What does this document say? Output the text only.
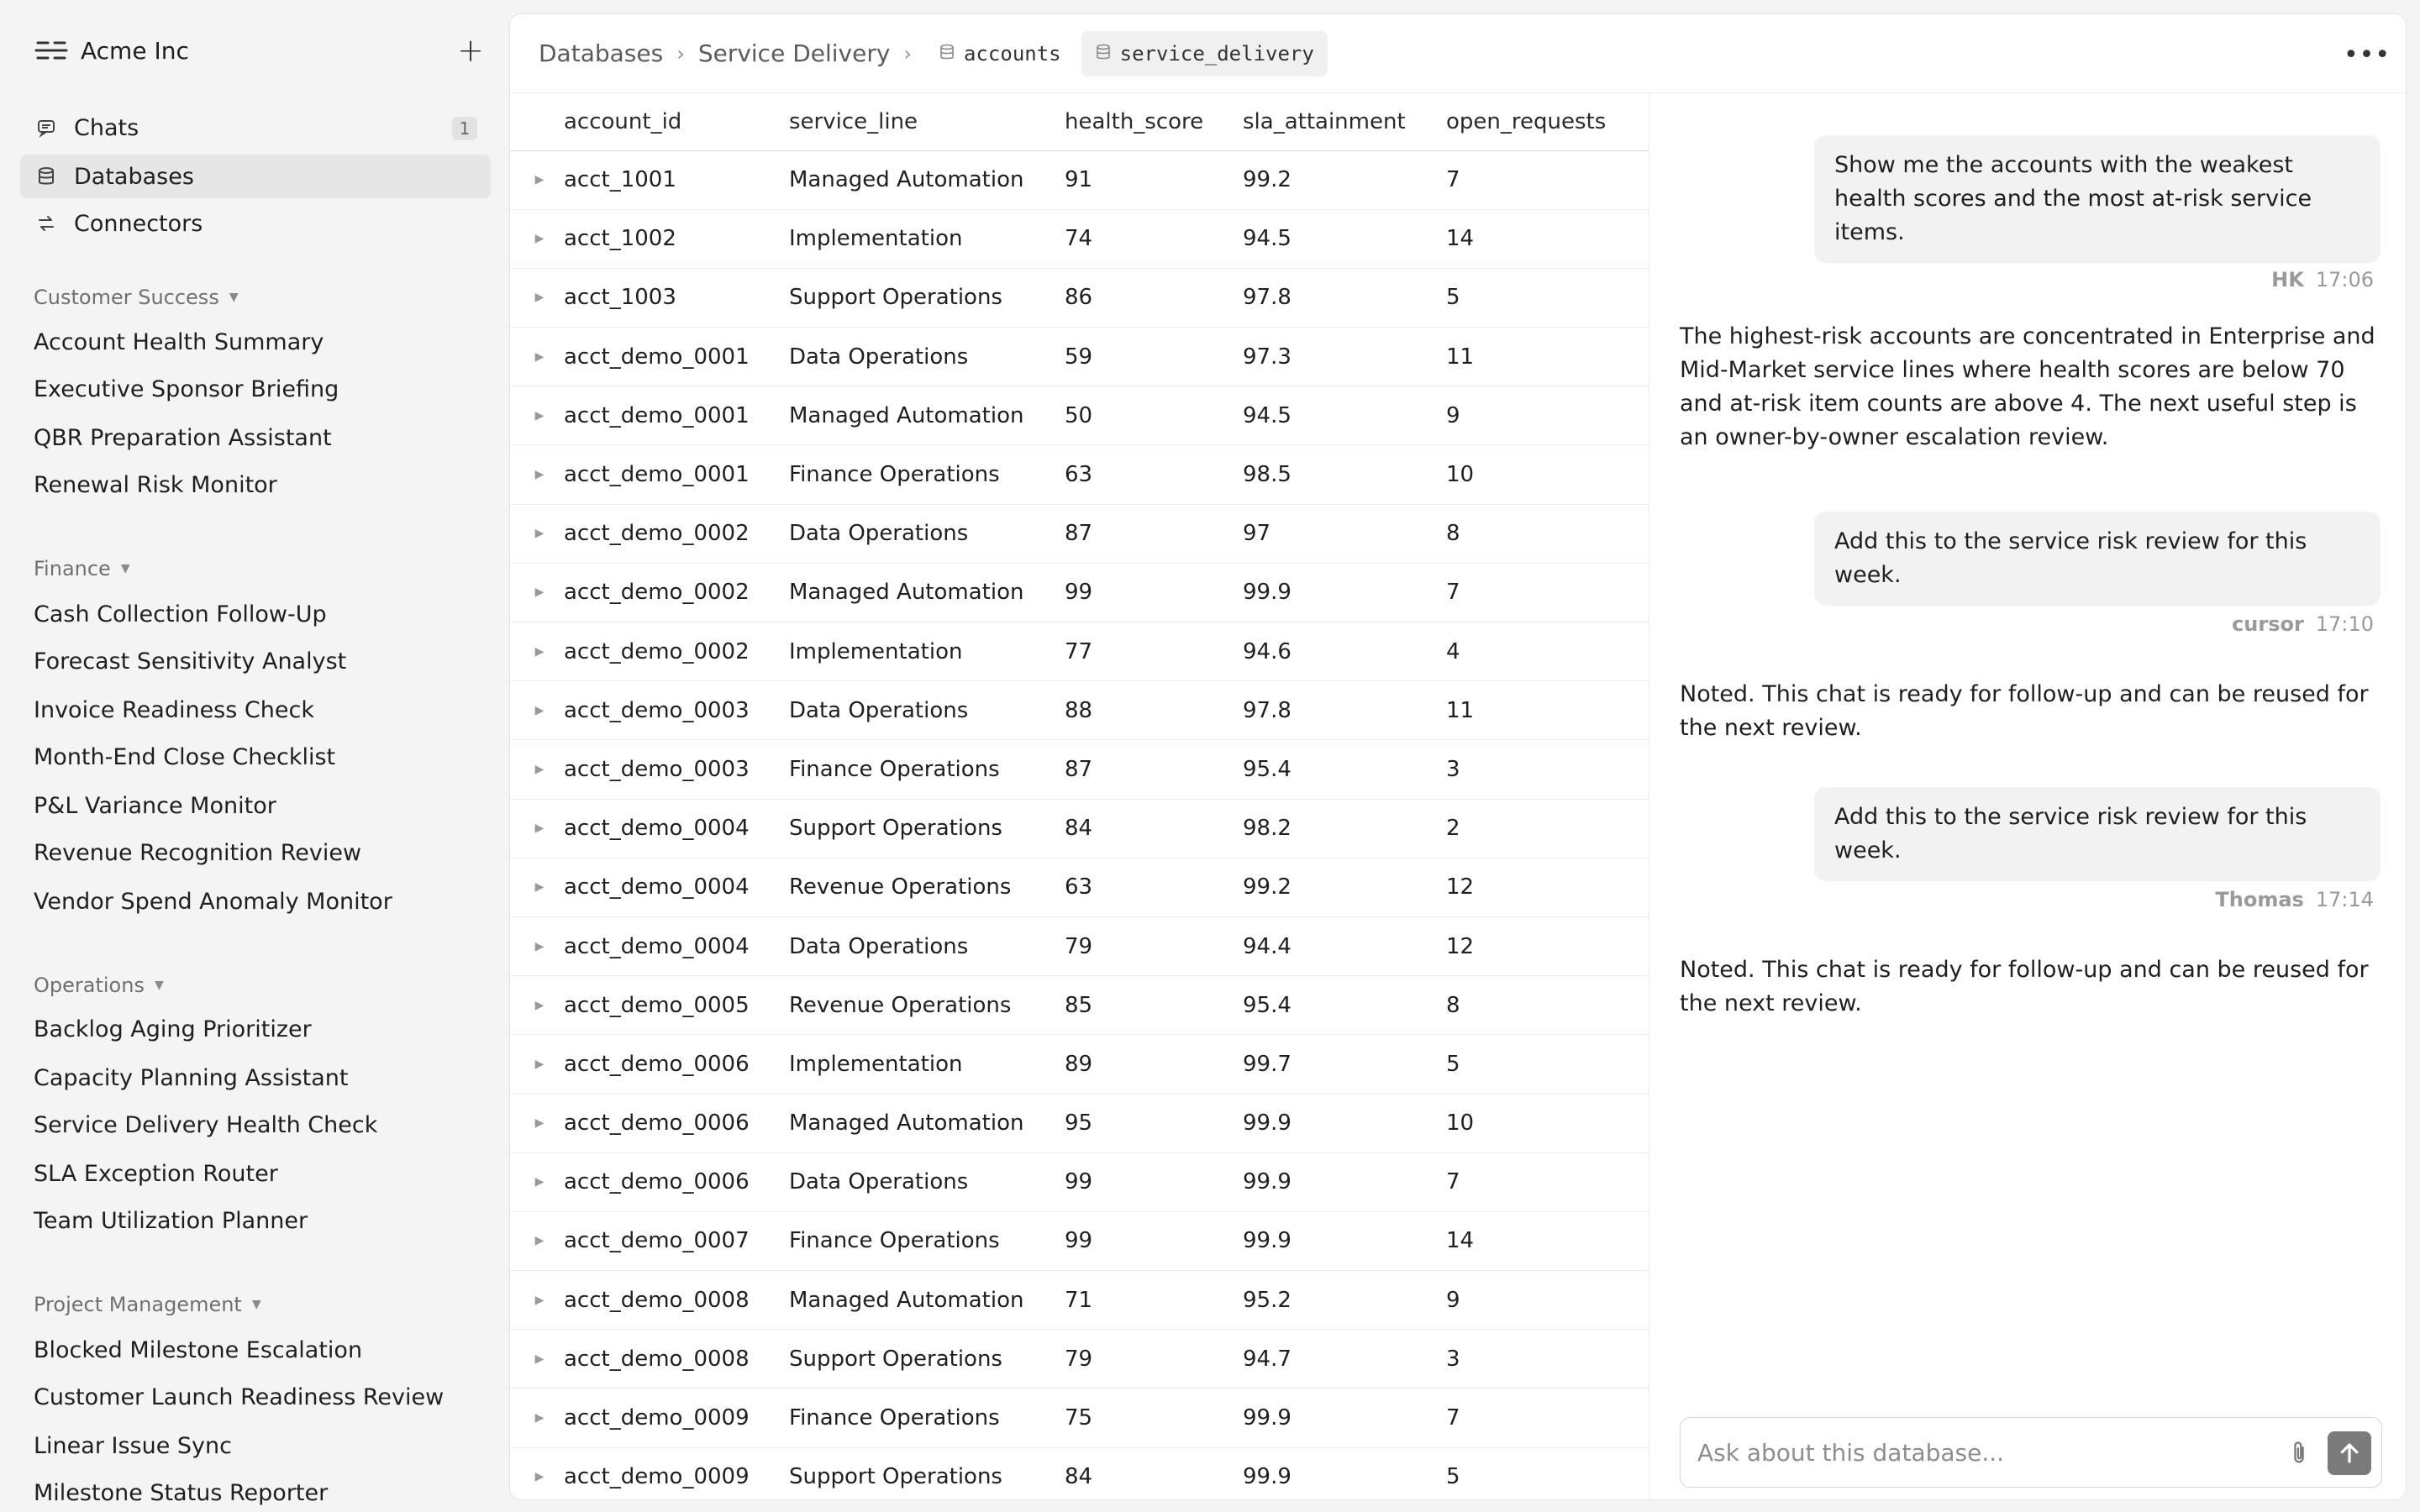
Acme Inc	+
Chats	1
Databases
Connectors
Customer Success ▼
Account Health Summary
Executive Sponsor Briefing
QBR Preparation Assistant
Renewal Risk Monitor
Finance ▼
Cash Collection Follow-Up
Forecast Sensitivity Analyst
Invoice Readiness Check
Month-End Close Checklist
P&L Variance Monitor
Revenue Recognition Review
Vendor Spend Anomaly Monitor
Operations ▼
Backlog Aging Prioritizer
Capacity Planning Assistant
Service Delivery Health Check
SLA Exception Router
Team Utilization Planner
Project Management ▼
Blocked Milestone Escalation
Customer Launch Readiness Review
Linear Issue Sync
Milestone Status Reporter
Databases › Service Delivery ›	accounts	service_delivery	•••
	account_id	service_line	health_score	sla_attainment	open_requests

▶	acct_1001	Managed Automation	91	99.2	7

▶	acct_1002	Implementation	74	94.5	14

▶	acct_1003	Support Operations	86	97.8	5

▶	acct_demo_0001	Data Operations	59	97.3	11

▶	acct_demo_0001	Managed Automation	50	94.5	9

▶	acct_demo_0001	Finance Operations	63	98.5	10

▶	acct_demo_0002	Data Operations	87	97	8

▶	acct_demo_0002	Managed Automation	99	99.9	7

▶	acct_demo_0002	Implementation	77	94.6	4

▶	acct_demo_0003	Data Operations	88	97.8	11

▶	acct_demo_0003	Finance Operations	87	95.4	3

▶	acct_demo_0004	Support Operations	84	98.2	2

▶	acct_demo_0004	Revenue Operations	63	99.2	12

▶	acct_demo_0004	Data Operations	79	94.4	12

▶	acct_demo_0005	Revenue Operations	85	95.4	8

▶	acct_demo_0006	Implementation	89	99.7	5

▶	acct_demo_0006	Managed Automation	95	99.9	10

▶	acct_demo_0006	Data Operations	99	99.9	7

▶	acct_demo_0007	Finance Operations	99	99.9	14

▶	acct_demo_0008	Managed Automation	71	95.2	9

▶	acct_demo_0008	Support Operations	79	94.7	3

▶	acct_demo_0009	Finance Operations	75	99.9	7

▶	acct_demo_0009	Support Operations	84	99.9	5
Show me the accounts with the weakest health scores and the most at-risk service items.
HK 17:06
The highest-risk accounts are concentrated in Enterprise and Mid-Market service lines where health scores are below 70 and at-risk item counts are above 4. The next useful step is an owner-by-owner escalation review.
Add this to the service risk review for this week.
cursor 17:10
Noted. This chat is ready for follow-up and can be reused for the next review.
Add this to the service risk review for this week.
Thomas 17:14
Noted. This chat is ready for follow-up and can be reused for the next review.
Ask about this database...
